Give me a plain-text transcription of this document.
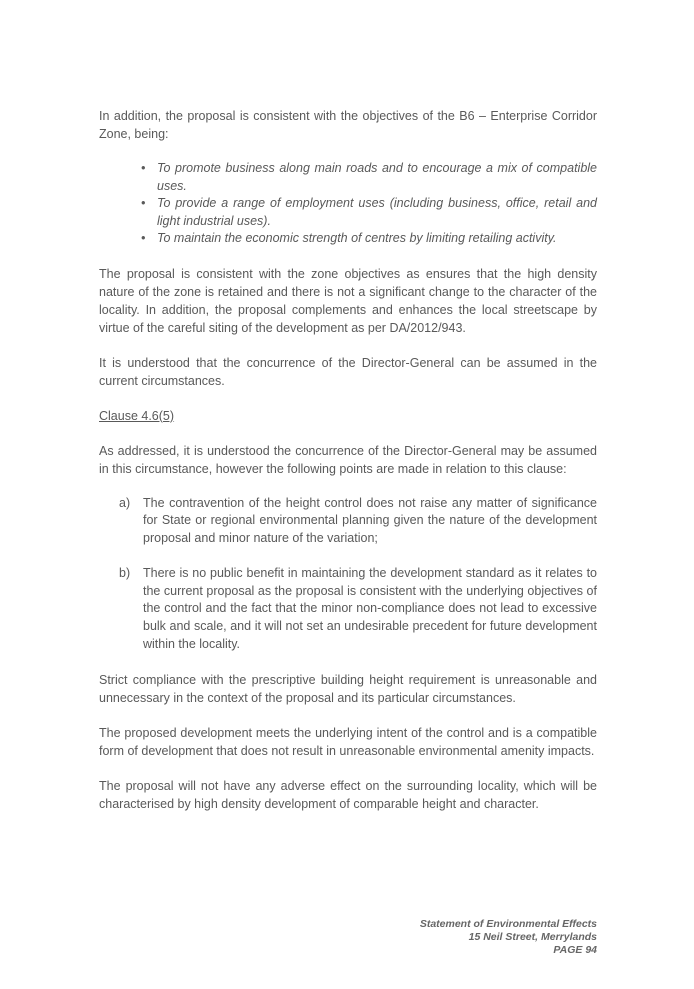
In addition, the proposal is consistent with the objectives of the B6 – Enterprise Corridor Zone, being:

• To promote business along main roads and to encourage a mix of compatible uses.
• To provide a range of employment uses (including business, office, retail and light industrial uses).
• To maintain the economic strength of centres by limiting retailing activity.

The proposal is consistent with the zone objectives as ensures that the high density nature of the zone is retained and there is not a significant change to the character of the locality. In addition, the proposal complements and enhances the local streetscape by virtue of the careful siting of the development as per DA/2012/943.

It is understood that the concurrence of the Director-General can be assumed in the current circumstances.

Clause 4.6(5)

As addressed, it is understood the concurrence of the Director-General may be assumed in this circumstance, however the following points are made in relation to this clause:

a) The contravention of the height control does not raise any matter of significance for State or regional environmental planning given the nature of the development proposal and minor nature of the variation;
b) There is no public benefit in maintaining the development standard as it relates to the current proposal as the proposal is consistent with the underlying objectives of the control and the fact that the minor non-compliance does not lead to excessive bulk and scale, and it will not set an undesirable precedent for future development within the locality.

Strict compliance with the prescriptive building height requirement is unreasonable and unnecessary in the context of the proposal and its particular circumstances.

The proposed development meets the underlying intent of the control and is a compatible form of development that does not result in unreasonable environmental amenity impacts.

The proposal will not have any adverse effect on the surrounding locality, which will be characterised by high density development of comparable height and character.

Statement of Environmental Effects
15 Neil Street, Merrylands
PAGE 94
